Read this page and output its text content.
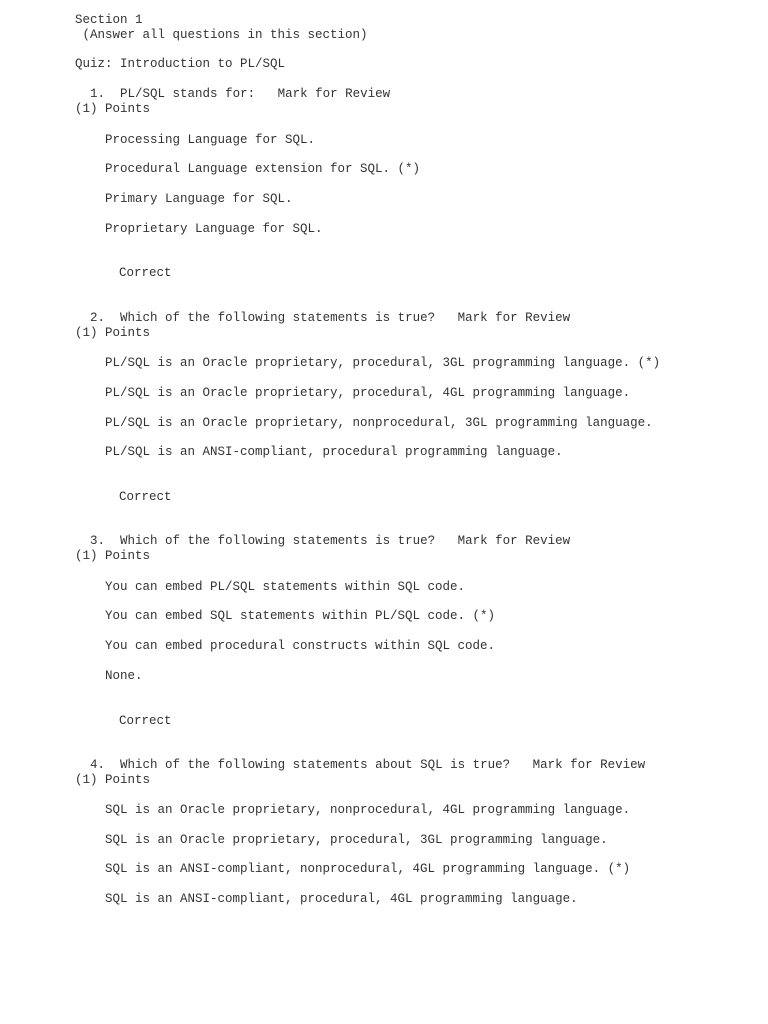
Section 1
(Answer all questions in this section)
Quiz: Introduction to PL/SQL
1. PL/SQL stands for: Mark for Review
(1) Points
Processing Language for SQL.
Procedural Language extension for SQL. (*)
Primary Language for SQL.
Proprietary Language for SQL.
Correct
2. Which of the following statements is true? Mark for Review
(1) Points
PL/SQL is an Oracle proprietary, procedural, 3GL programming language. (*)
PL/SQL is an Oracle proprietary, procedural, 4GL programming language.
PL/SQL is an Oracle proprietary, nonprocedural, 3GL programming language.
PL/SQL is an ANSI-compliant, procedural programming language.
Correct
3. Which of the following statements is true? Mark for Review
(1) Points
You can embed PL/SQL statements within SQL code.
You can embed SQL statements within PL/SQL code. (*)
You can embed procedural constructs within SQL code.
None.
Correct
4. Which of the following statements about SQL is true? Mark for Review
(1) Points
SQL is an Oracle proprietary, nonprocedural, 4GL programming language.
SQL is an Oracle proprietary, procedural, 3GL programming language.
SQL is an ANSI-compliant, nonprocedural, 4GL programming language. (*)
SQL is an ANSI-compliant, procedural, 4GL programming language.
